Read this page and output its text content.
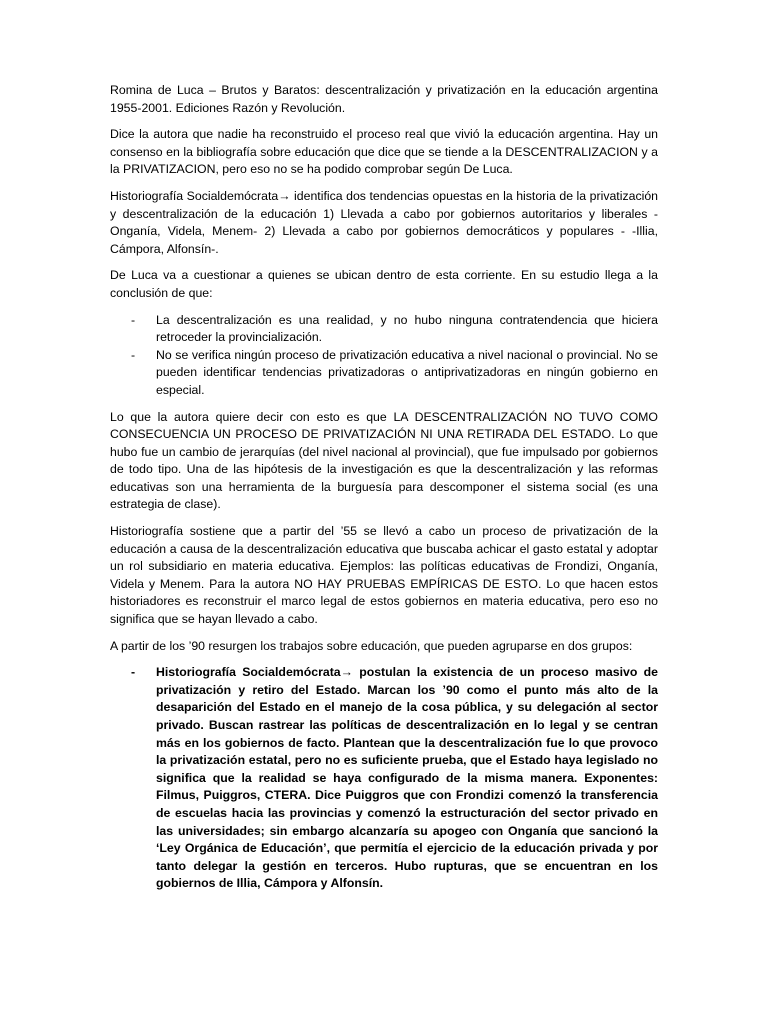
Romina de Luca – Brutos y Baratos: descentralización y privatización en la educación argentina 1955-2001. Ediciones Razón y Revolución.

Dice la autora que nadie ha reconstruido el proceso real que vivió la educación argentina. Hay un consenso en la bibliografía sobre educación que dice que se tiende a la DESCENTRALIZACION y a la PRIVATIZACION, pero eso no se ha podido comprobar según De Luca.

Historiografía Socialdemócrata→ identifica dos tendencias opuestas en la historia de la privatización y descentralización de la educación 1) Llevada a cabo por gobiernos autoritarios y liberales -Onganía, Videla, Menem- 2) Llevada a cabo por gobiernos democráticos y populares - -Illia, Cámpora, Alfonsín-.

De Luca va a cuestionar a quienes se ubican dentro de esta corriente. En su estudio llega a la conclusión de que:

- La descentralización es una realidad, y no hubo ninguna contratendencia que hiciera retroceder la provincialización.
- No se verifica ningún proceso de privatización educativa a nivel nacional o provincial. No se pueden identificar tendencias privatizadoras o antiprivatizadoras en ningún gobierno en especial.

Lo que la autora quiere decir con esto es que LA DESCENTRALIZACIÓN NO TUVO COMO CONSECUENCIA UN PROCESO DE PRIVATIZACIÓN NI UNA RETIRADA DEL ESTADO. Lo que hubo fue un cambio de jerarquías (del nivel nacional al provincial), que fue impulsado por gobiernos de todo tipo. Una de las hipótesis de la investigación es que la descentralización y las reformas educativas son una herramienta de la burguesía para descomponer el sistema social (es una estrategia de clase).

Historiografía sostiene que a partir del ’55 se llevó a cabo un proceso de privatización de la educación a causa de la descentralización educativa que buscaba achicar el gasto estatal y adoptar un rol subsidiario en materia educativa. Ejemplos: las políticas educativas de Frondizi, Onganía, Videla y Menem. Para la autora NO HAY PRUEBAS EMPÍRICAS DE ESTO. Lo que hacen estos historiadores es reconstruir el marco legal de estos gobiernos en materia educativa, pero eso no significa que se hayan llevado a cabo.

A partir de los ’90 resurgen los trabajos sobre educación, que pueden agruparse en dos grupos:

- Historiografía Socialdemócrata→ postulan la existencia de un proceso masivo de privatización y retiro del Estado. Marcan los ’90 como el punto más alto de la desaparición del Estado en el manejo de la cosa pública, y su delegación al sector privado. Buscan rastrear las políticas de descentralización en lo legal y se centran más en los gobiernos de facto. Plantean que la descentralización fue lo que provoco la privatización estatal, pero no es suficiente prueba, que el Estado haya legislado no significa que la realidad se haya configurado de la misma manera. Exponentes: Filmus, Puiggros, CTERA. Dice Puiggros que con Frondizi comenzó la transferencia de escuelas hacia las provincias y comenzó la estructuración del sector privado en las universidades; sin embargo alcanzaría su apogeo con Onganía que sancionó la ‘Ley Orgánica de Educación’, que permitía el ejercicio de la educación privada y por tanto delegar la gestión en terceros. Hubo rupturas, que se encuentran en los gobiernos de Illia, Cámpora y Alfonsín.
